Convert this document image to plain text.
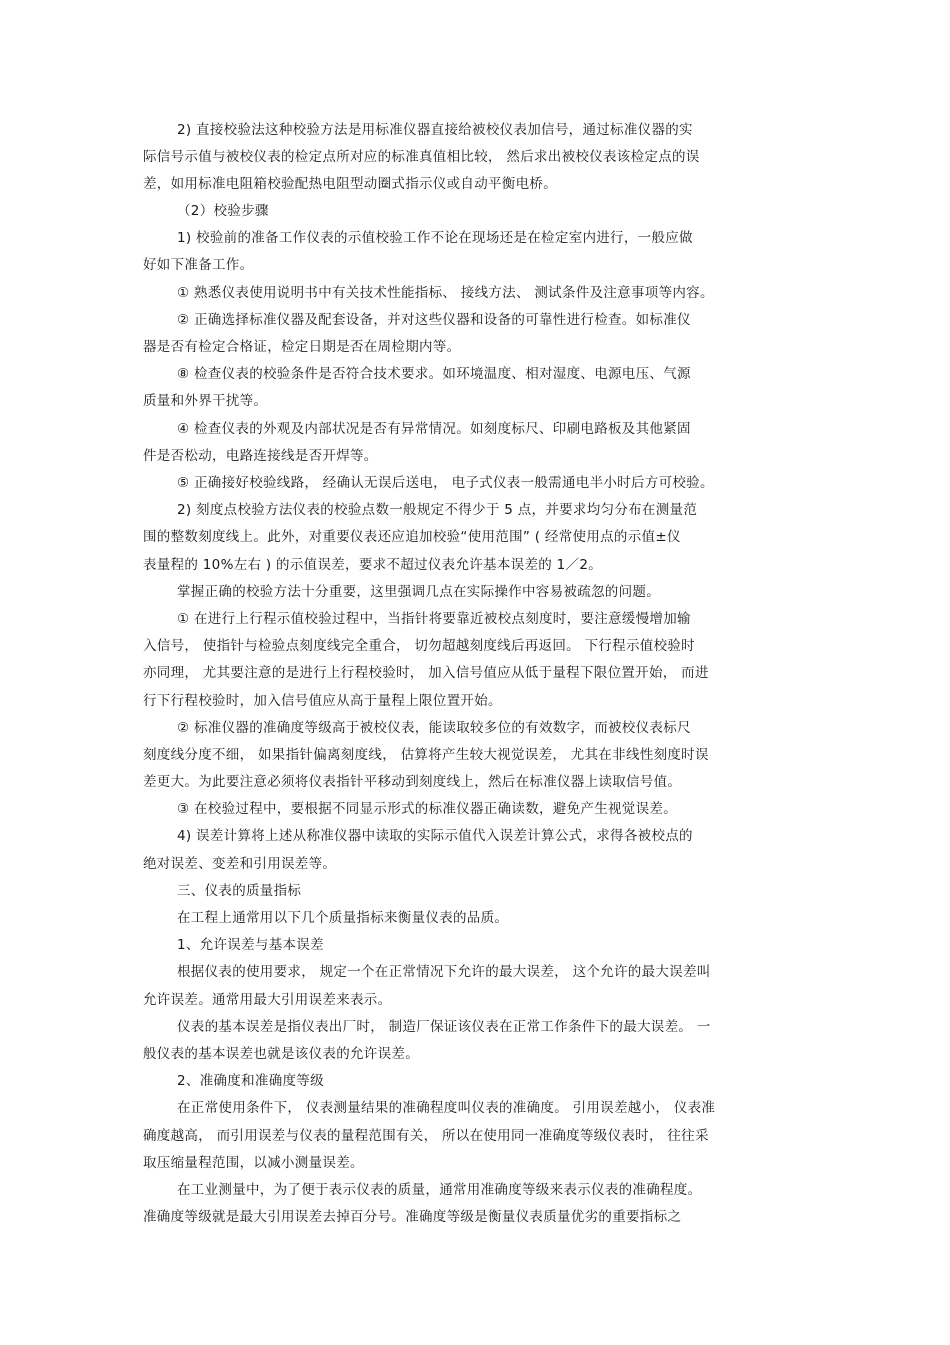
2) 直接校验法这种校验方法是用标准仪器直接给被校仪表加信号，通过标准仪器的实
际信号示值与被校仪表的检定点所对应的标准真值相比较， 然后求出被校仪表该检定点的误
差，如用标准电阻箱校验配热电阻型动圈式指示仪或自动平衡电桥。
（2）校验步骤
1) 校验前的准备工作仪表的示值校验工作不论在现场还是在检定室内进行，一般应做
好如下准备工作。
① 熟悉仪表使用说明书中有关技术性能指标、 接线方法、 测试条件及注意事项等内容。
② 正确选择标准仪器及配套设备，并对这些仪器和设备的可靠性进行检查。如标准仪
器是否有检定合格证，检定日期是否在周检期内等。
⑧ 检查仪表的校验条件是否符合技术要求。如环境温度、相对湿度、电源电压、气源
质量和外界干扰等。
④ 检查仪表的外观及内部状况是否有异常情况。如刻度标尺、印刷电路板及其他紧固
件是否松动，电路连接线是否开焊等。
⑤ 正确接好校验线路， 经确认无误后送电， 电子式仪表一般需通电半小时后方可校验。
2) 刻度点校验方法仪表的校验点数一般规定不得少于 5 点，并要求均匀分布在测量范
围的整数刻度线上。此外，对重要仪表还应追加校验“使用范围” ( 经常使用点的示值±仪
表量程的 10%左右 ) 的示值误差，要求不超过仪表允许基本误差的 1／2。
掌握正确的校验方法十分重要，这里强调几点在实际操作中容易被疏忽的问题。
① 在进行上行程示值校验过程中，当指针将要靠近被校点刻度时，要注意缓慢增加输
入信号， 使指针与检验点刻度线完全重合， 切勿超越刻度线后再返回。 下行程示值校验时
亦同理， 尤其要注意的是进行上行程校验时， 加入信号值应从低于量程下限位置开始， 而进
行下行程校验时，加入信号值应从高于量程上限位置开始。
② 标准仪器的准确度等级高于被校仪表，能读取较多位的有效数字，而被校仪表标尺
刻度线分度不细， 如果指针偏离刻度线， 估算将产生较大视觉误差， 尤其在非线性刻度时误
差更大。为此要注意必须将仪表指针平移动到刻度线上，然后在标准仪器上读取信号值。
③ 在校验过程中，要根据不同显示形式的标准仪器正确读数，避免产生视觉误差。
4) 误差计算将上述从称准仪器中读取的实际示值代入误差计算公式，求得各被校点的
绝对误差、变差和引用误差等。
三、仪表的质量指标
在工程上通常用以下几个质量指标来衡量仪表的品质。
1、允许误差与基本误差
根据仪表的使用要求， 规定一个在正常情况下允许的最大误差， 这个允许的最大误差叫
允许误差。通常用最大引用误差来表示。
仪表的基本误差是指仪表出厂时， 制造厂保证该仪表在正常工作条件下的最大误差。 一
般仪表的基本误差也就是该仪表的允许误差。
2、准确度和准确度等级
在正常使用条件下， 仪表测量结果的准确程度叫仪表的准确度。 引用误差越小， 仪表准
确度越高， 而引用误差与仪表的量程范围有关， 所以在使用同一准确度等级仪表时， 往往采
取压缩量程范围，以减小测量误差。
在工业测量中，为了便于表示仪表的质量，通常用准确度等级来表示仪表的准确程度。
准确度等级就是最大引用误差去掉百分号。准确度等级是衡量仪表质量优劣的重要指标之
